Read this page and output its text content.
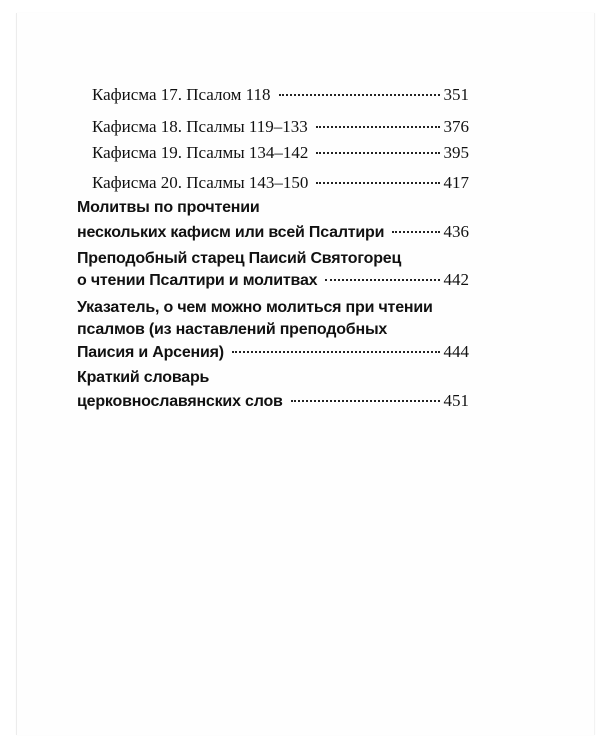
Кафисма 17. Псалом 118	351
Кафисма 18. Псалмы 119–133	376
Кафисма 19. Псалмы 134–142	395
Кафисма 20. Псалмы 143–150	417
Молитвы по прочтении
нескольких кафисм или всей Псалтири	436
Преподобный старец Паисий Святогорец
о чтении Псалтири и молитвах	442
Указатель, о чем можно молиться при чтении
псалмов (из наставлений преподобных
Паисия и Арсения)	444
Краткий словарь
церковнославянских слов	451
